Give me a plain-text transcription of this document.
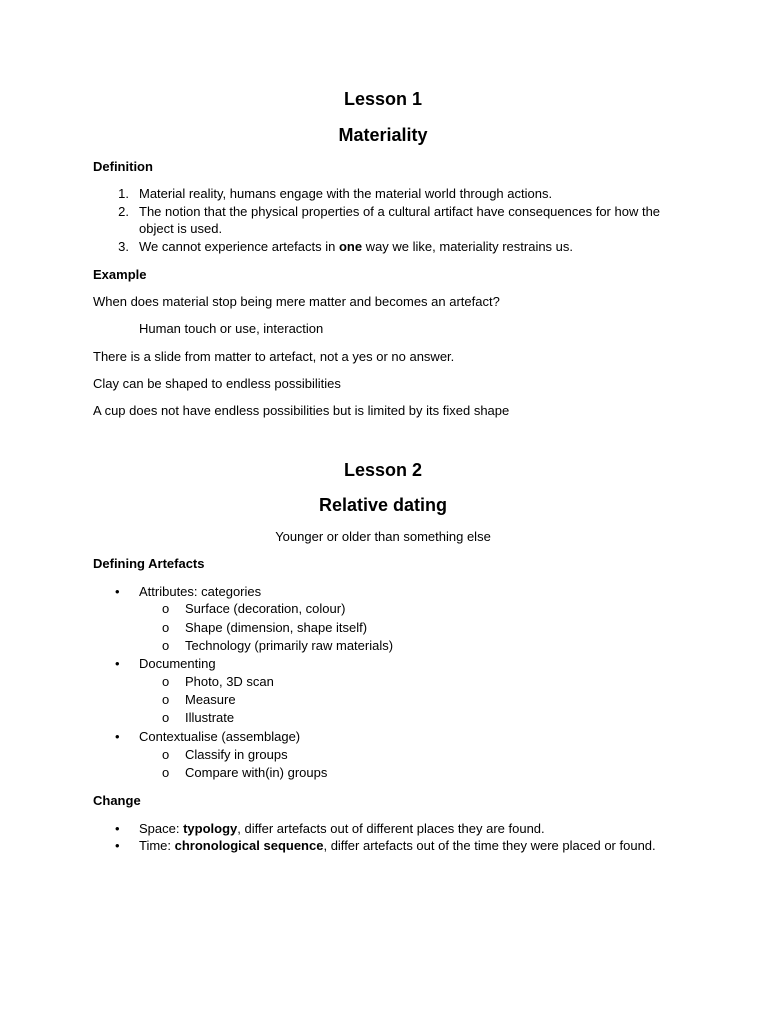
Lesson 1
Materiality
Definition
1. Material reality, humans engage with the material world through actions.
2. The notion that the physical properties of a cultural artifact have consequences for how the
object is used.
3. We cannot experience artefacts in one way we like, materiality restrains us.
Example
When does material stop being mere matter and becomes an artefact?
Human touch or use, interaction
There is a slide from matter to artefact, not a yes or no answer.
Clay can be shaped to endless possibilities
A cup does not have endless possibilities but is limited by its fixed shape
Lesson 2
Relative dating
Younger or older than something else
Defining Artefacts
• Attributes: categories
o Surface (decoration, colour)
o Shape (dimension, shape itself)
o Technology (primarily raw materials)
• Documenting
o Photo, 3D scan
o Measure
o Illustrate
• Contextualise (assemblage)
o Classify in groups
o Compare with(in) groups
Change
• Space: typology, differ artefacts out of different places they are found.
• Time: chronological sequence, differ artefacts out of the time they were placed or found.
